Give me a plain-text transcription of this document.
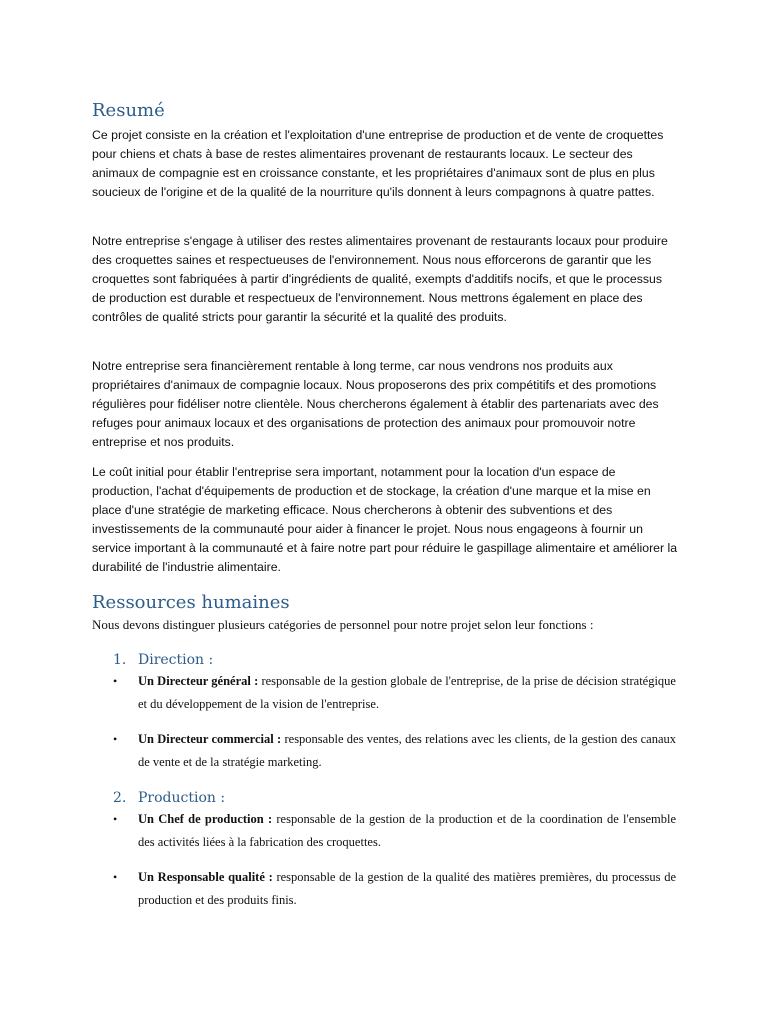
Resumé

Ce projet consiste en la création et l'exploitation d'une entreprise de production et de vente de croquettes pour chiens et chats à base de restes alimentaires provenant de restaurants locaux. Le secteur des animaux de compagnie est en croissance constante, et les propriétaires d'animaux sont de plus en plus soucieux de l'origine et de la qualité de la nourriture qu'ils donnent à leurs compagnons à quatre pattes.

Notre entreprise s'engage à utiliser des restes alimentaires provenant de restaurants locaux pour produire des croquettes saines et respectueuses de l'environnement. Nous nous efforcerons de garantir que les croquettes sont fabriquées à partir d'ingrédients de qualité, exempts d'additifs nocifs, et que le processus de production est durable et respectueux de l'environnement. Nous mettrons également en place des contrôles de qualité stricts pour garantir la sécurité et la qualité des produits.

Notre entreprise sera financièrement rentable à long terme, car nous vendrons nos produits aux propriétaires d'animaux de compagnie locaux. Nous proposerons des prix compétitifs et des promotions régulières pour fidéliser notre clientèle. Nous chercherons également à établir des partenariats avec des refuges pour animaux locaux et des organisations de protection des animaux pour promouvoir notre entreprise et nos produits.

Le coût initial pour établir l'entreprise sera important, notamment pour la location d'un espace de production, l'achat d'équipements de production et de stockage, la création d'une marque et la mise en place d'une stratégie de marketing efficace. Nous chercherons à obtenir des subventions et des investissements de la communauté pour aider à financer le projet. Nous nous engageons à fournir un service important à la communauté et à faire notre part pour réduire le gaspillage alimentaire et améliorer la durabilité de l'industrie alimentaire.

Ressources humaines

Nous devons distinguer plusieurs catégories de personnel pour notre projet selon leur fonctions :

1. Direction :
•	Un Directeur général : responsable de la gestion globale de l'entreprise, de la prise de décision stratégique et du développement de la vision de l'entreprise.
•	Un Directeur commercial : responsable des ventes, des relations avec les clients, de la gestion des canaux de vente et de la stratégie marketing.
2. Production :
•	Un Chef de production : responsable de la gestion de la production et de la coordination de l'ensemble des activités liées à la fabrication des croquettes.
•	Un Responsable qualité : responsable de la gestion de la qualité des matières premières, du processus de production et des produits finis.
